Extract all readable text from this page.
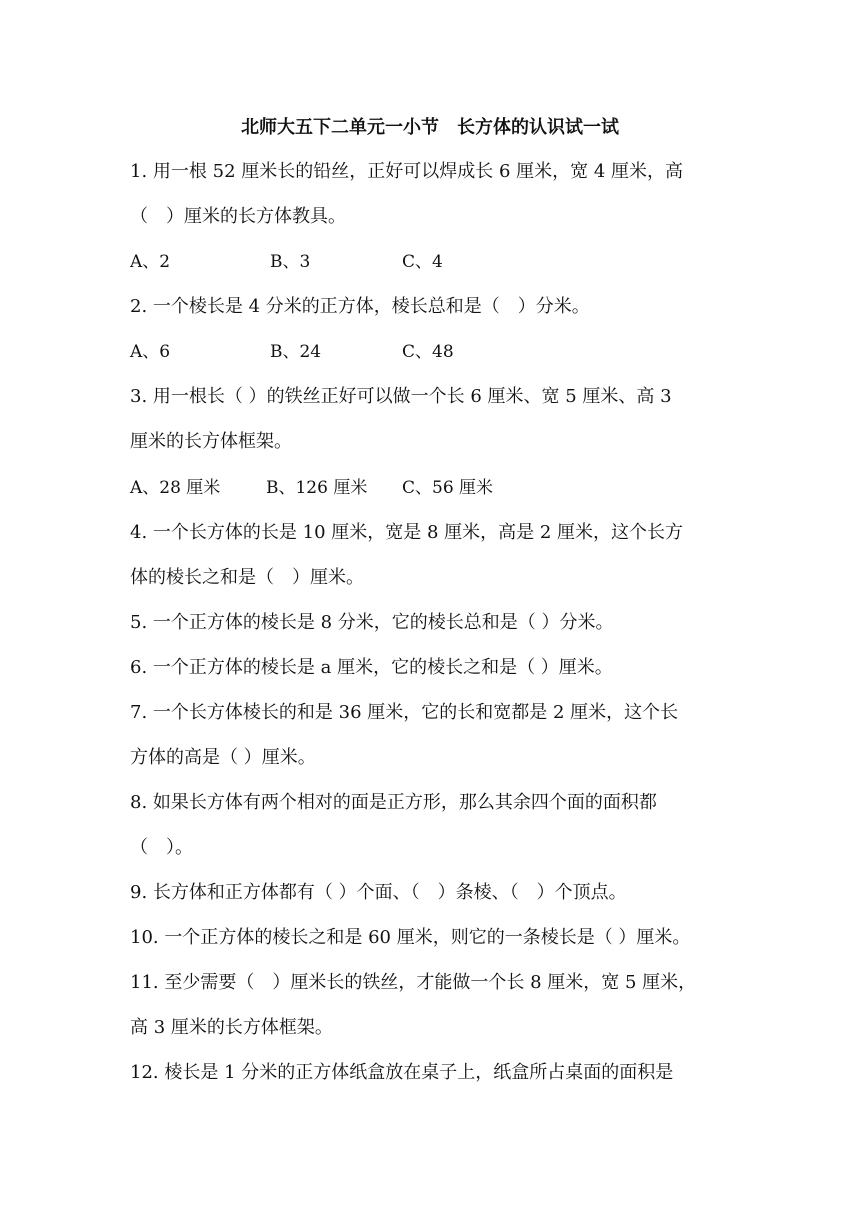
北师大五下二单元一小节　长方体的认识试一试
1. 用一根 52 厘米长的铅丝，正好可以焊成长 6 厘米，宽 4 厘米，高
（　）厘米的长方体教具。
A、2	B、3	C、4
2. 一个棱长是 4 分米的正方体，棱长总和是（　）分米。
A、6	B、24	C、48
3. 用一根长（ ）的铁丝正好可以做一个长 6 厘米、宽 5 厘米、高 3
厘米的长方体框架。
A、28 厘米	B、126 厘米 C、56 厘米
4. 一个长方体的长是 10 厘米，宽是 8 厘米，高是 2 厘米，这个长方
体的棱长之和是（　）厘米。
5. 一个正方体的棱长是 8 分米，它的棱长总和是（ ）分米。
6. 一个正方体的棱长是 a 厘米，它的棱长之和是（ ）厘米。
7. 一个长方体棱长的和是 36 厘米，它的长和宽都是 2 厘米，这个长
方体的高是（ ）厘米。
8. 如果长方体有两个相对的面是正方形，那么其余四个面的面积都
（　）。
9. 长方体和正方体都有（ ）个面、（　）条棱、（　）个顶点。
10. 一个正方体的棱长之和是 60 厘米，则它的一条棱长是（ ）厘米。
11. 至少需要（　）厘米长的铁丝，才能做一个长 8 厘米，宽 5 厘米，
高 3 厘米的长方体框架。
12. 棱长是 1 分米的正方体纸盒放在桌子上，纸盒所占桌面的面积是
